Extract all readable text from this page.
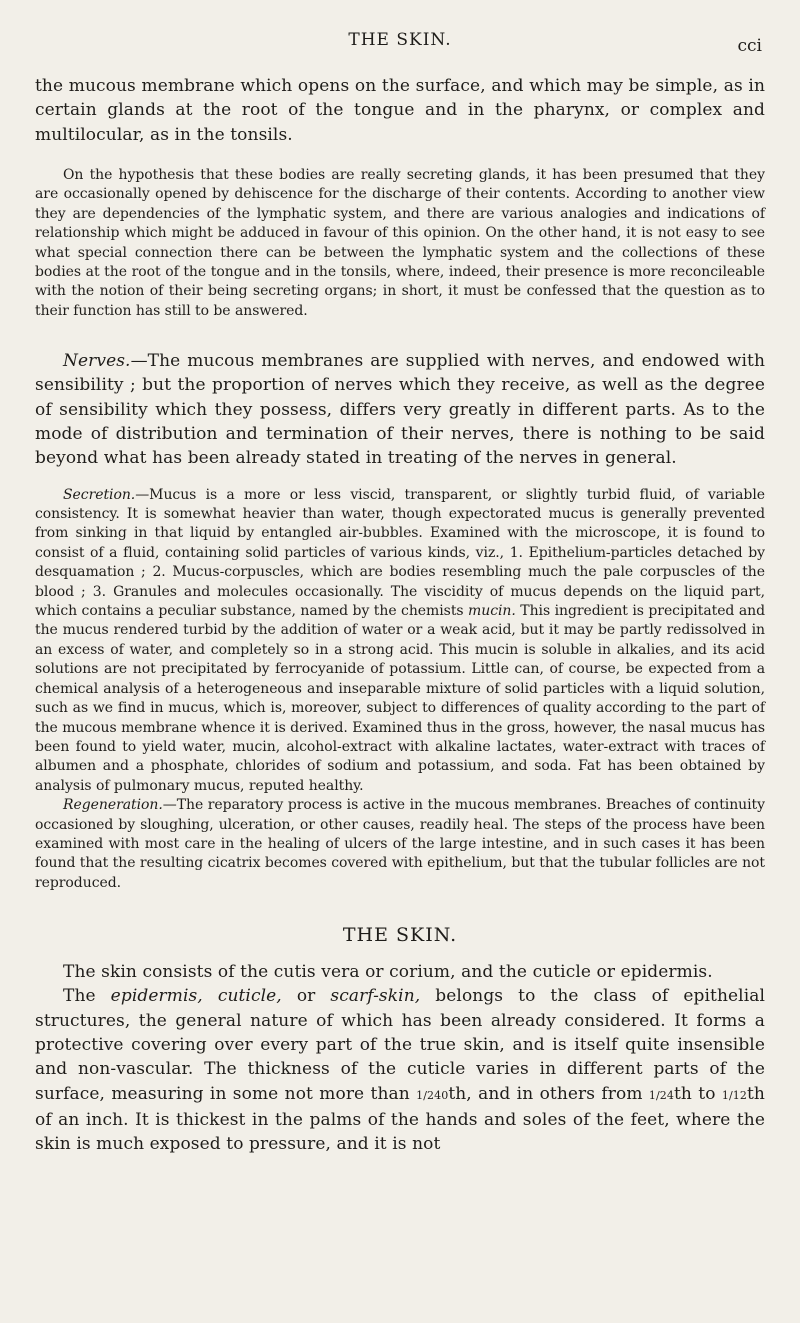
THE SKIN.	cci

the mucous membrane which opens on the surface, and which may be simple, as in certain glands at the root of the tongue and in the pharynx, or complex and multilocular, as in the tonsils.

On the hypothesis that these bodies are really secreting glands, it has been presumed that they are occasionally opened by dehiscence for the discharge of their contents. According to another view they are dependencies of the lymphatic system, and there are various analogies and indications of relationship which might be adduced in favour of this opinion. On the other hand, it is not easy to see what special connection there can be between the lymphatic system and the collections of these bodies at the root of the tongue and in the tonsils, where, indeed, their presence is more reconcileable with the notion of their being secreting organs; in short, it must be confessed that the question as to their function has still to be answered.

Nerves.—The mucous membranes are supplied with nerves, and endowed with sensibility ; but the proportion of nerves which they receive, as well as the degree of sensibility which they possess, differs very greatly in different parts. As to the mode of distribution and termination of their nerves, there is nothing to be said beyond what has been already stated in treating of the nerves in general.

Secretion.—Mucus is a more or less viscid, transparent, or slightly turbid fluid, of variable consistency. It is somewhat heavier than water, though expectorated mucus is generally prevented from sinking in that liquid by entangled air-bubbles. Examined with the microscope, it is found to consist of a fluid, containing solid particles of various kinds, viz., 1. Epithelium-particles detached by desquamation ; 2. Mucus-corpuscles, which are bodies resembling much the pale corpuscles of the blood ; 3. Granules and molecules occasionally. The viscidity of mucus depends on the liquid part, which contains a peculiar substance, named by the chemists mucin. This ingredient is precipitated and the mucus rendered turbid by the addition of water or a weak acid, but it may be partly redissolved in an excess of water, and completely so in a strong acid. This mucin is soluble in alkalies, and its acid solutions are not precipitated by ferrocyanide of potassium. Little can, of course, be expected from a chemical analysis of a heterogeneous and inseparable mixture of solid particles with a liquid solution, such as we find in mucus, which is, moreover, subject to differences of quality according to the part of the mucous membrane whence it is derived. Examined thus in the gross, however, the nasal mucus has been found to yield water, mucin, alcohol-extract with alkaline lactates, water-extract with traces of albumen and a phosphate, chlorides of sodium and potassium, and soda. Fat has been obtained by analysis of pulmonary mucus, reputed healthy.

Regeneration.—The reparatory process is active in the mucous membranes. Breaches of continuity occasioned by sloughing, ulceration, or other causes, readily heal. The steps of the process have been examined with most care in the healing of ulcers of the large intestine, and in such cases it has been found that the resulting cicatrix becomes covered with epithelium, but that the tubular follicles are not reproduced.

THE SKIN.

The skin consists of the cutis vera or corium, and the cuticle or epidermis.

The epidermis, cuticle, or scarf-skin, belongs to the class of epithelial structures, the general nature of which has been already considered. It forms a protective covering over every part of the true skin, and is itself quite insensible and non-vascular. The thickness of the cuticle varies in different parts of the surface, measuring in some not more than 1/240th, and in others from 1/24th to 1/12th of an inch. It is thickest in the palms of the hands and soles of the feet, where the skin is much exposed to pressure, and it is not
